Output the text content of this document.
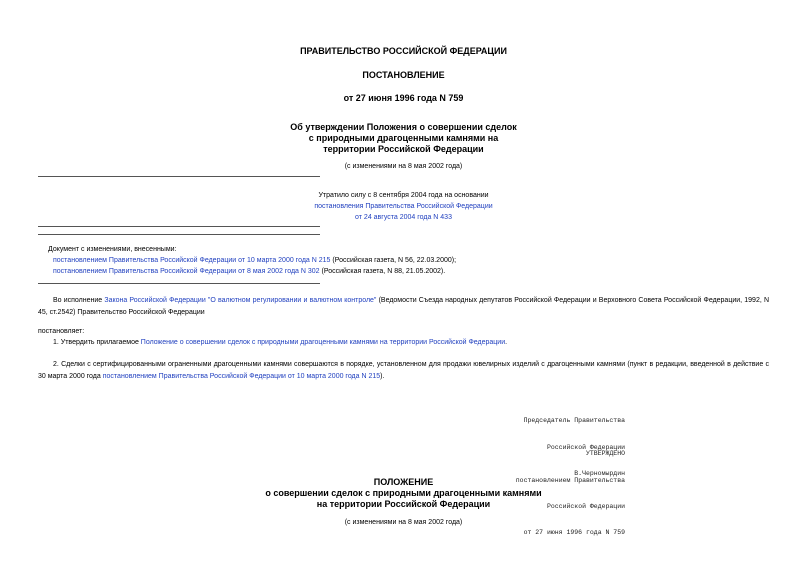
ПРАВИТЕЛЬСТВО РОССИЙСКОЙ ФЕДЕРАЦИИ
ПОСТАНОВЛЕНИЕ
от 27 июня 1996 года N 759
Об утверждении Положения о совершении сделок
с природными драгоценными камнями на
территории Российской Федерации
(с изменениями на 8 мая 2002 года)
Утратило силу с 8 сентября 2004 года на основании
постановления Правительства Российской Федерации
от 24 августа 2004 года N 433
Документ с изменениями, внесенными:
постановлением Правительства Российской Федерации от 10 марта 2000 года N 215 (Российская газета, N 56, 22.03.2000);
постановлением Правительства Российской Федерации от 8 мая 2002 года N 302 (Российская газета, N 88, 21.05.2002).
Во исполнение Закона Российской Федерации "О валютном регулировании и валютном контроле" (Ведомости Съезда народных депутатов Российской Федерации и Верховного Совета Российской Федерации, 1992, N 45, ст.2542) Правительство Российской Федерации
постановляет:
1. Утвердить прилагаемое Положение о совершении сделок с природными драгоценными камнями на территории Российской Федерации.
2. Сделки с сертифицированными ограненными драгоценными камнями совершаются в порядке, установленном для продажи ювелирных изделий с драгоценными камнями (пункт в редакции, введенной в действие с 30 марта 2000 года постановлением Правительства Российской Федерации от 10 марта 2000 года N 215).

Председатель Правительства

Российской Федерации

В.Черномырдин

УТВЕРЖДЕНО

постановлением Правительства

Российской Федерации

от 27 июня 1996 года N 759

ПОЛОЖЕНИЕ
о совершении сделок с природными драгоценными камнями
на территории Российской Федерации
(с изменениями на 8 мая 2002 года)
